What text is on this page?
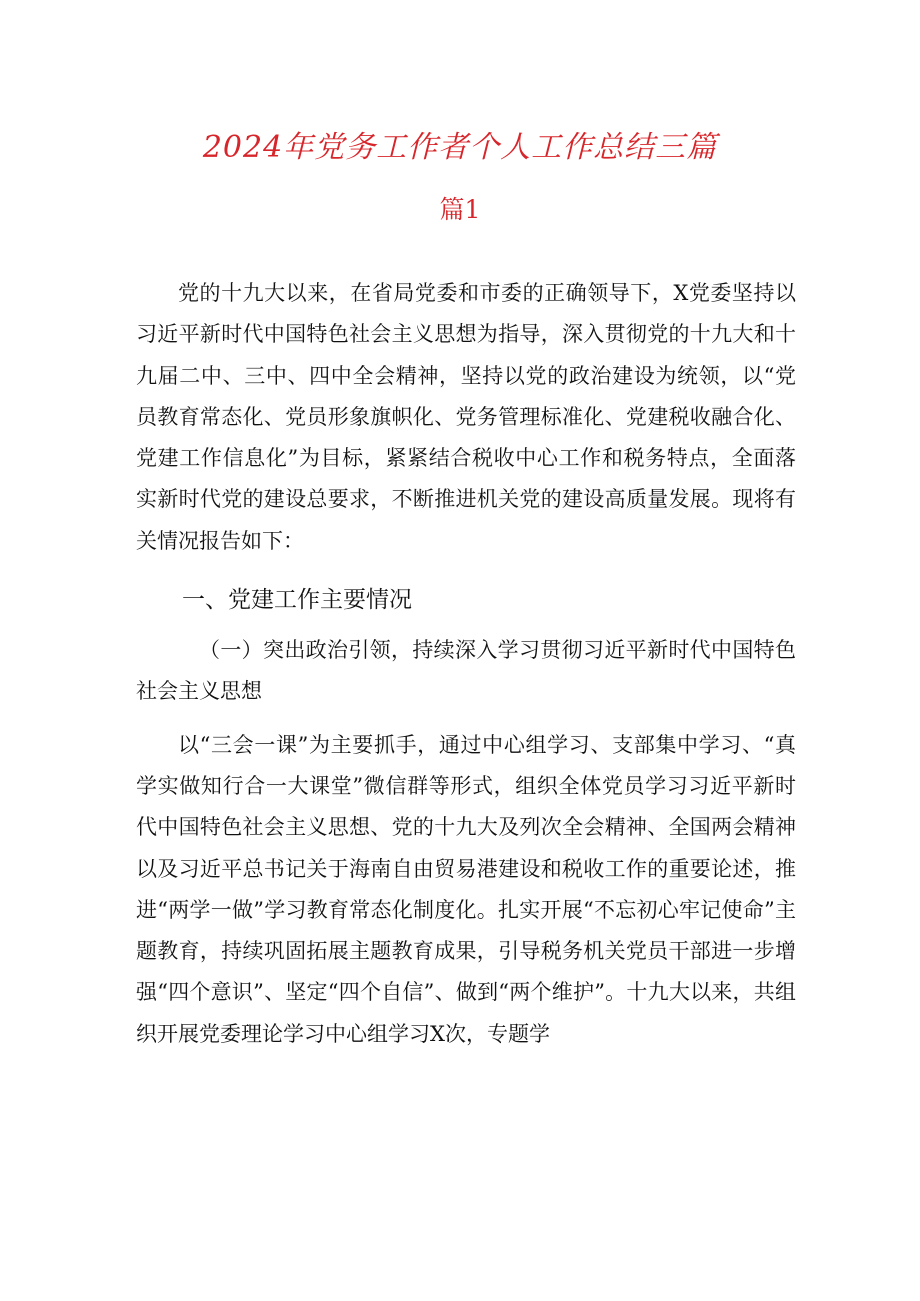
2024年党务工作者个人工作总结三篇
篇1

党的十九大以来，在省局党委和市委的正确领导下，X党委坚持以习近平新时代中国特色社会主义思想为指导，深入贯彻党的十九大和十九届二中、三中、四中全会精神，坚持以党的政治建设为统领，以“党员教育常态化、党员形象旗帜化、党务管理标准化、党建税收融合化、党建工作信息化”为目标，紧紧结合税收中心工作和税务特点，全面落实新时代党的建设总要求，不断推进机关党的建设高质量发展。现将有关情况报告如下：

一、党建工作主要情况

（一）突出政治引领，持续深入学习贯彻习近平新时代中国特色社会主义思想

以“三会一课”为主要抓手，通过中心组学习、支部集中学习、“真学实做知行合一大课堂”微信群等形式，组织全体党员学习习近平新时代中国特色社会主义思想、党的十九大及列次全会精神、全国两会精神以及习近平总书记关于海南自由贸易港建设和税收工作的重要论述，推进“两学一做”学习教育常态化制度化。扎实开展“不忘初心牢记使命”主题教育，持续巩固拓展主题教育成果，引导税务机关党员干部进一步增强“四个意识”、坚定“四个自信”、做到“两个维护”。十九大以来，共组织开展党委理论学习中心组学习X次，专题学
